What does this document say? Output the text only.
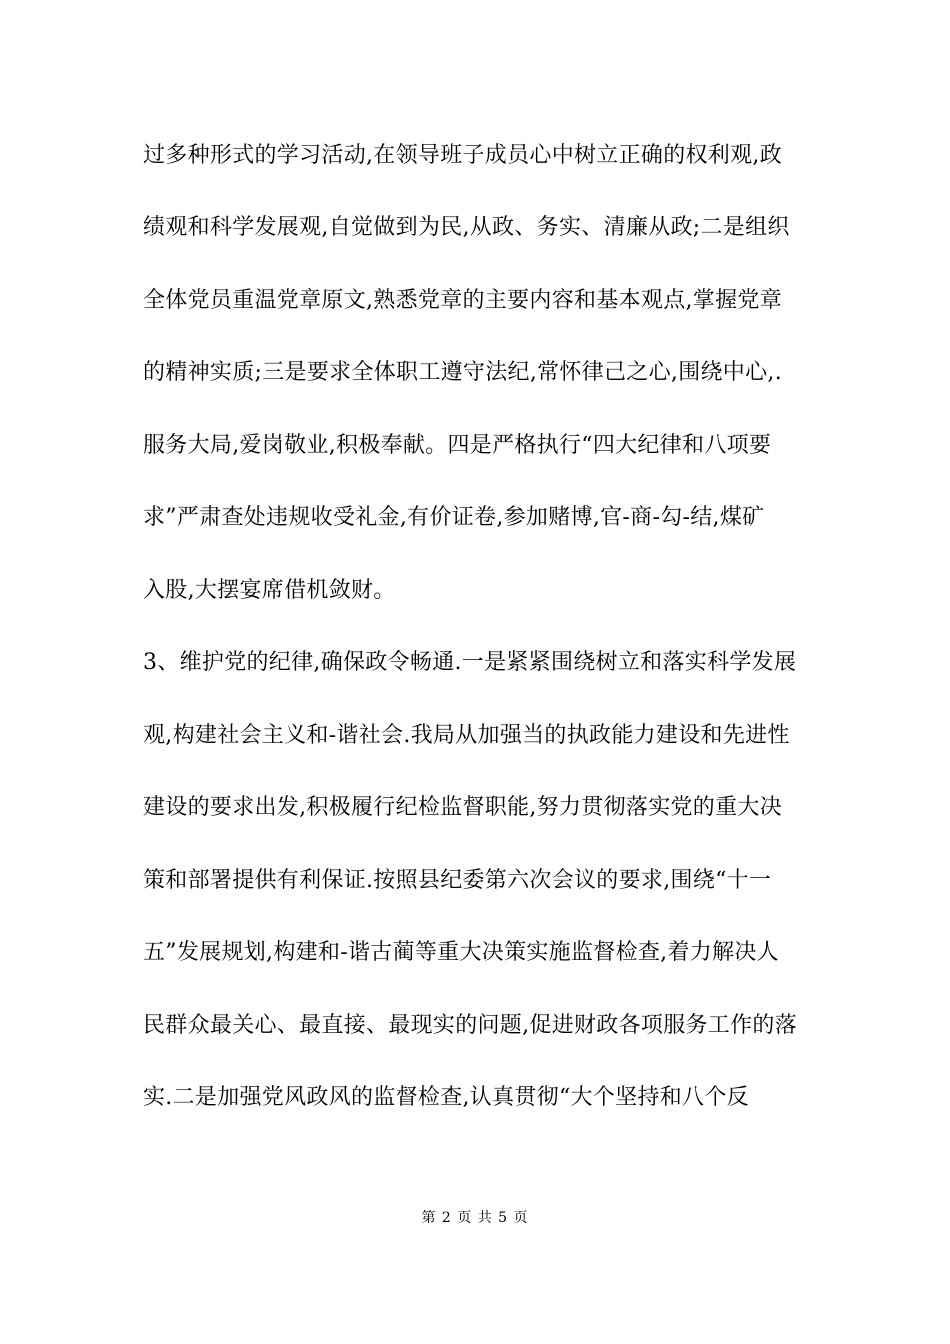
过多种形式的学习活动,在领导班子成员心中树立正确的权利观,政
绩观和科学发展观,自觉做到为民,从政、务实、清廉从政;二是组织
全体党员重温党章原文,熟悉党章的主要内容和基本观点,掌握党章
的精神实质;三是要求全体职工遵守法纪,常怀律己之心,围绕中心,.
服务大局,爱岗敬业,积极奉献。四是严格执行“四大纪律和八项要
求”严肃查处违规收受礼金,有价证卷,参加赌博,官-商-勾-结,煤矿
入股,大摆宴席借机敛财。
3、维护党的纪律,确保政令畅通.一是紧紧围绕树立和落实科学发展
观,构建社会主义和-谐社会.我局从加强当的执政能力建设和先进性
建设的要求出发,积极履行纪检监督职能,努力贯彻落实党的重大决
策和部署提供有利保证.按照县纪委第六次会议的要求,围绕“十一
五”发展规划,构建和-谐古蔺等重大决策实施监督检查,着力解决人
民群众最关心、最直接、最现实的问题,促进财政各项服务工作的落
实.二是加强党风政风的监督检查,认真贯彻“大个坚持和八个反
第 2 页 共 5 页
